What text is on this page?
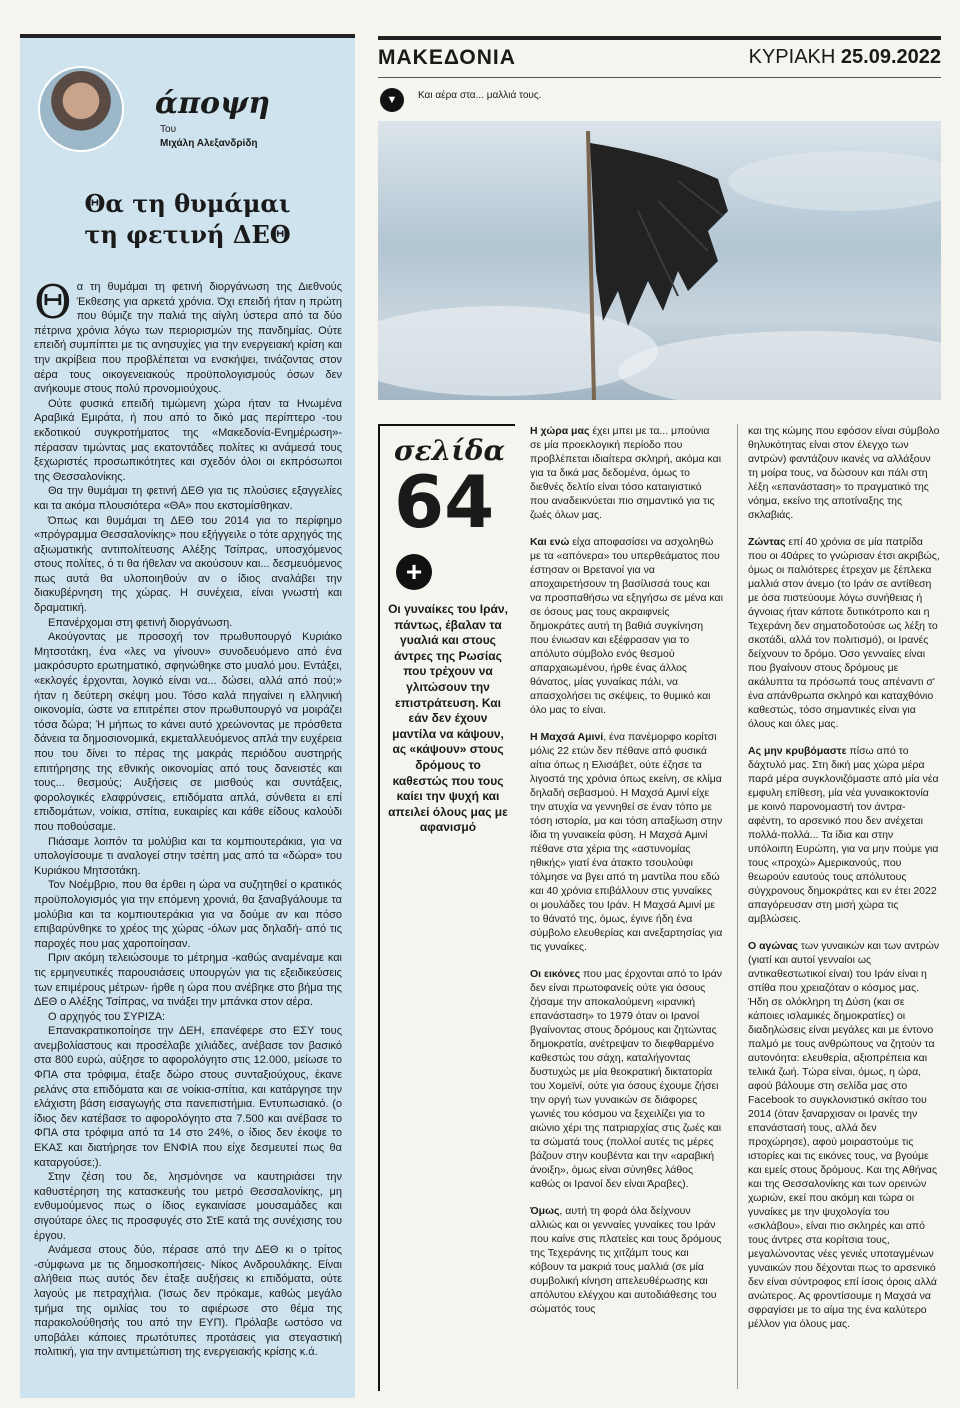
άποψη
Του
Μιχάλη Αλεξανδρίδη
Θα τη θυμάμαι
τη φετινή ΔΕΘ

Θα τη θυμάμαι τη φετινή διοργάνωση της Διεθνούς Έκθεσης για αρκετά χρόνια. Όχι επειδή ήταν η πρώτη που θύμιζε την παλιά της αίγλη ύστερα από τα δύο πέτρινα χρόνια λόγω των περιορισμών της πανδημίας. Ούτε επειδή συμπίπτει με τις ανησυχίες για την ενεργειακή κρίση και την ακρίβεια που προβλέπεται να ενσκήψει, τινάζοντας στον αέρα τους οικογενειακούς προϋπολογισμούς όσων δεν ανήκουμε στους πολύ προνομιούχους.

Ούτε φυσικά επειδή τιμώμενη χώρα ήταν τα Ηνωμένα Αραβικά Εμιράτα, ή που από το δικό μας περίπτερο -του εκδοτικού συγκροτήματος της «Μακεδονία-Ενημέρωση»- πέρασαν τιμώντας μας εκατοντάδες πολίτες κι ανάμεσά τους ξεχωριστές προσωπικότητες και σχεδόν όλοι οι εκπρόσωποι της Θεσσαλονίκης.

Θα την θυμάμαι τη φετινή ΔΕΘ για τις πλούσιες εξαγγελίες και τα ακόμα πλουσιότερα «ΘΑ» που εκστομίσθηκαν.

Όπως και θυμάμαι τη ΔΕΘ του 2014 για το περίφημο «πρόγραμμα Θεσσαλονίκης» που εξήγγειλε ο τότε αρχηγός της αξιωματικής αντιπολίτευσης Αλέξης Τσίπρας, υποσχόμενος στους πολίτες, ό τι θα ήθελαν να ακούσουν και... δεσμευόμενος πως αυτά θα υλοποιηθούν αν ο ίδιος αναλάβει την διακυβέρνηση της χώρας. Η συνέχεια, είναι γνωστή και δραματική.

Επανέρχομαι στη φετινή διοργάνωση.

Ακούγοντας με προσοχή τον πρωθυπουργό Κυριάκο Μητσοτάκη, ένα «λες να γίνουν» συνοδευόμενο από ένα μακρόσυρτο ερωτηματικό, σφηνώθηκε στο μυαλό μου. Εντάξει, «εκλογές έρχονται, λογικό είναι να... δώσει, αλλά από πού;» ήταν η δεύτερη σκέψη μου. Τόσο καλά πηγαίνει η ελληνική οικονομία, ώστε να επιτρέπει στον πρωθυπουργό να μοιράζει τόσα δώρα; Ή μήπως το κάνει αυτό χρεώνοντας με πρόσθετα δάνεια τα δημοσιονομικά, εκμεταλλευόμενος απλά την ευχέρεια που του δίνει το πέρας της μακράς περιόδου αυστηρής επιτήρησης της εθνικής οικονομίας από τους δανειστές και τους... θεσμούς; Αυξήσεις σε μισθούς και συντάξεις, φορολογικές ελαφρύνσεις, επιδόματα απλά, σύνθετα ει επί επιδομάτων, νοίκια, σπίτια, ευκαιρίες και κάθε είδους καλούδι που ποθούσαμε.

Πιάσαμε λοιπόν τα μολύβια και τα κομπιουτεράκια, για να υπολογίσουμε τι αναλογεί στην τσέπη μας από τα «δώρα» του Κυριάκου Μητσοτάκη.

Τον Νοέμβριο, που θα έρθει η ώρα να συζητηθεί ο κρατικός προϋπολογισμός για την επόμενη χρονιά, θα ξαναβγάλουμε τα μολύβια και τα κομπιουτεράκια για να δούμε αν και πόσο επιβαρύνθηκε το χρέος της χώρας -όλων μας δηλαδή- από τις παροχές που μας χαροποίησαν.

Πριν ακόμη τελειώσουμε το μέτρημα -καθώς αναμέναμε και τις ερμηνευτικές παρουσιάσεις υπουργών για τις εξειδικεύσεις των επιμέρους μέτρων- ήρθε η ώρα που ανέβηκε στο βήμα της ΔΕΘ ο Αλέξης Τσίπρας, να τινάξει την μπάνκα στον αέρα.

Ο αρχηγός του ΣΥΡΙΖΑ:

Επανακρατικοποίησε την ΔΕΗ, επανέφερε στο ΕΣΥ τους ανεμβολίαστους και προσέλαβε χιλιάδες, ανέβασε τον βασικό στα 800 ευρώ, αύξησε το αφορολόγητο στις 12.000, μείωσε το ΦΠΑ στα τρόφιμα, έταξε δώρο στους συνταξιούχους, έκανε ρελάνς στα επιδόματα και σε νοίκια-σπίτια, και κατάργησε την ελάχιστη βάση εισαγωγής στα πανεπιστήμια. Εντυπωσιακό. (ο ίδιος δεν κατέβασε το αφορολόγητο στα 7.500 και ανέβασε το ΦΠΑ στα τρόφιμα από τα 14 στο 24%, ο ίδιος δεν έκοψε το ΕΚΑΣ και διατήρησε τον ΕΝΦΙΑ που είχε δεσμευτεί πως θα καταργούσε;).

Στην ζέση του δε, λησμόνησε να καυτηριάσει την καθυστέρηση της κατασκευής του μετρό Θεσσαλονίκης, μη ενθυμούμενος πως ο ίδιος εγκαινίασε μουσαμάδες και σιγούταρε όλες τις προσφυγές στο ΣτΕ κατά της συνέχισης του έργου.

Ανάμεσα στους δύο, πέρασε από την ΔΕΘ κι ο τρίτος -σύμφωνα με τις δημοσκοπήσεις- Νίκος Ανδρουλάκης. Είναι αλήθεια πως αυτός δεν έταξε αυξήσεις κι επιδόματα, ούτε λαγούς με πετραχήλια. (Ίσως δεν πρόκαμε, καθώς μεγάλο τμήμα της ομιλίας του το αφιέρωσε στο θέμα της παρακολούθησής του από την ΕΥΠ). Πρόλαβε ωστόσο να υποβάλει κάποιες πρωτότυπες προτάσεις για στεγαστική πολιτική, για την αντιμετώπιση της ενεργειακής κρίσης κ.ά.

ΜΑΚΕΔΟΝΙΑ	ΚΥΡΙΑΚΗ 25.09.2022
▼	Και αέρα στα... μαλλιά τους.
σελίδα
64
+
Οι γυναίκες του Ιράν, πάντως, έβαλαν τα γυαλιά και στους άντρες της Ρωσίας που τρέχουν να γλιτώσουν την επιστράτευση. Και εάν δεν έχουν μαντίλα να κάψουν, ας «κάψουν» στους δρόμους το καθεστώς που τους καίει την ψυχή και απειλεί όλους μας με αφανισμό

Η χώρα μας έχει μπει με τα... μπούνια σε μία προεκλογική περίοδο που προβλέπεται ιδιαίτερα σκληρή, ακόμα και για τα δικά μας δεδομένα, όμως το διεθνές δελτίο είναι τόσο καταιγιστικό που αναδεικνύεται πιο σημαντικό για τις ζωές όλων μας.

Και ενώ είχα αποφασίσει να ασχοληθώ με τα «απόνερα» του υπερθεάματος που έστησαν οι Βρετανοί για να αποχαιρετήσουν τη βασίλισσά τους και να προσπαθήσω να εξηγήσω σε μένα και σε όσους μας τους ακραιφνείς δημοκράτες αυτή τη βαθιά συγκίνηση που ένιωσαν και εξέφρασαν για το απόλυτο σύμβολο ενός θεσμού απαρχαιωμένου, ήρθε ένας άλλος θάνατος, μίας γυναίκας πάλι, να απασχολήσει τις σκέψεις, το θυμικό και όλο μας το είναι.

Η Μαχσά Αμινί, ένα πανέμορφο κορίτσι μόλις 22 ετών δεν πέθανε από φυσικά αίτια όπως η Ελισάβετ, ούτε έζησε τα λιγοστά της χρόνια όπως εκείνη, σε κλίμα δηλαδή σεβασμού. Η Μαχσά Αμινί είχε την ατυχία να γεννηθεί σε έναν τόπο με τόση ιστορία, μα και τόση απαξίωση στην ίδια τη γυναικεία φύση. Η Μαχσά Αμινί πέθανε στα χέρια της «αστυνομίας ηθικής» γιατί ένα άτακτο τσουλούφι τόλμησε να βγει από τη μαντίλα που εδώ και 40 χρόνια επιβάλλουν στις γυναίκες οι μουλάδες του Ιράν. Η Μαχσά Αμινί με το θάνατό της, όμως, έγινε ήδη ένα σύμβολο ελευθερίας και ανεξαρτησίας για τις γυναίκες.

Οι εικόνες που μας έρχονται από το Ιράν δεν είναι πρωτοφανείς ούτε για όσους ζήσαμε την αποκαλούμενη «ιρανική επανάσταση» το 1979 όταν οι Ιρανοί βγαίνοντας στους δρόμους και ζητώντας δημοκρατία, ανέτρεψαν το διεφθαρμένο καθεστώς του σάχη, καταλήγοντας δυστυχώς με μία θεοκρατική δικτατορία του Χομεϊνί, ούτε για όσους έχουμε ζήσει την οργή των γυναικών σε διάφορες γωνιές του κόσμου να ξεχειλίζει για το αιώνιο χέρι της πατριαρχίας στις ζωές και τα σώματά τους (πολλοί αυτές τις μέρες βάζουν στην κουβέντα και την «αραβική άνοιξη», όμως είναι σύνηθες λάθος καθώς οι Ιρανοί δεν είναι Άραβες).

Όμως, αυτή τη φορά όλα δείχνουν αλλιώς και οι γενναίες γυναίκες του Ιράν που καίνε στις πλατείες και τους δρόμους της Τεχεράνης τις χιτζάμπ τους και κόβουν τα μακριά τους μαλλιά (σε μία συμβολική κίνηση απελευθέρωσης και απόλυτου ελέγχου και αυτοδιάθεσης του σώματός τους

και της κώμης που εφόσον είναι σύμβολο θηλυκότητας είναι στον έλεγχο των αντρών) φαντάζουν ικανές να αλλάξουν τη μοίρα τους, να δώσουν και πάλι στη λέξη «επανάσταση» το πραγματικό της νόημα, εκείνο της αποτίναξης της σκλαβιάς.

Ζώντας επί 40 χρόνια σε μία πατρίδα που οι 40άρες το γνώρισαν έτσι ακριβώς, όμως οι παλιότερες έτρεχαν με ξέπλεκα μαλλιά στον άνεμο (το Ιράν σε αντίθεση με όσα πιστεύουμε λόγω συνήθειας ή άγνοιας ήταν κάποτε δυτικότροπο και η Τεχεράνη δεν σηματοδοτούσε ως λέξη το σκοτάδι, αλλά τον πολιτισμό), οι Ιρανές δείχνουν το δρόμο. Όσο γενναίες είναι που βγαίνουν στους δρόμους με ακάλυπτα τα πρόσωπά τους απέναντι σ' ένα απάνθρωπα σκληρό και καταχθόνιο καθεστώς, τόσο σημαντικές είναι για όλους και όλες μας.

Ας μην κρυβόμαστε πίσω από το δάχτυλό μας. Στη δική μας χώρα μέρα παρά μέρα συγκλονιζόμαστε από μία νέα εμφυλη επίθεση, μία νέα γυναικοκτονία με κοινό παρονομαστή τον άντρα-αφέντη, το αρσενικό που δεν ανέχεται πολλά-πολλά... Τα ίδια και στην υπόλοιπη Ευρώπη, για να μην πούμε για τους «προχώ» Αμερικανούς, που θεωρούν εαυτούς τους απόλυτους σύγχρονους δημοκράτες και εν έτει 2022 απαγόρευσαν στη μισή χώρα τις αμβλώσεις.

Ο αγώνας των γυναικών και των αντρών (γιατί και αυτοί γενναίοι ως αντικαθεστωτικοί είναι) του Ιράν είναι η σπίθα που χρειαζόταν ο κόσμος μας. Ήδη σε ολόκληρη τη Δύση (και σε κάποιες ισλαμικές δημοκρατίες) οι διαδηλώσεις είναι μεγάλες και με έντονο παλμό με τους ανθρώπους να ζητούν τα αυτονόητα: ελευθερία, αξιοπρέπεια και τελικά ζωή. Τώρα είναι, όμως, η ώρα, αφού βάλουμε στη σελίδα μας στο Facebook το συγκλονιστικό σκίτσο του 2014 (όταν ξαναρχισαν οι Ιρανές την επανάστασή τους, αλλά δεν προχώρησε), αφού μοιραστούμε τις ιστορίες και τις εικόνες τους, να βγούμε και εμείς στους δρόμους. Και της Αθήνας και της Θεσσαλονίκης και των ορεινών χωριών, εκεί που ακόμη και τώρα οι γυναίκες με την ψυχολογία του «σκλάβου», είναι πιο σκληρές και από τους άντρες στα κορίτσια τους, μεγαλώνοντας νέες γενιές υποταγμένων γυναικών που δέχονται πως το αρσενικό δεν είναι σύντροφος επί ίσοις όροις αλλά ανώτερος. Ας φροντίσουμε η Μαχσά να σφραγίσει με το αίμα της ένα καλύτερο μέλλον για όλους μας.
